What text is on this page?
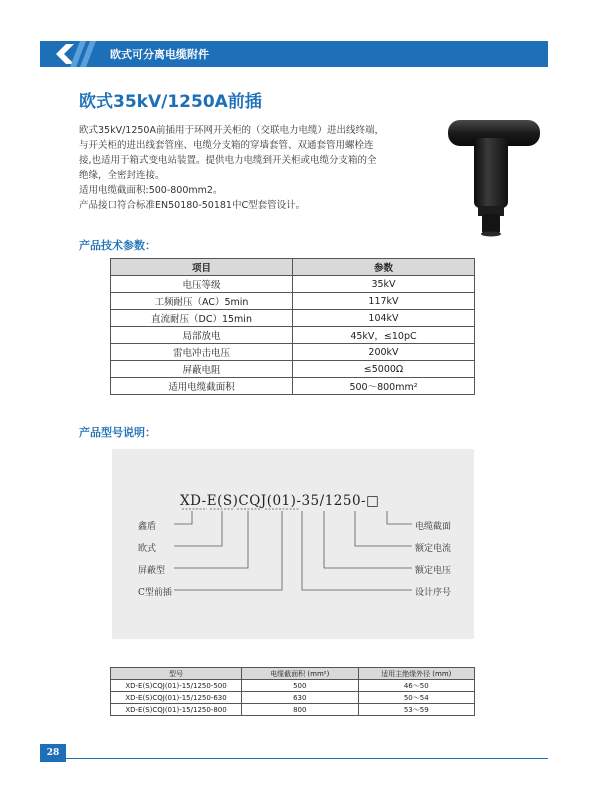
欧式可分离电缆附件
欧式35kV/1250A前插

欧式35kV/1250A前插用于环网开关柜的（交联电力电缆）进出线终端，

与开关柜的进出线套管座、电缆分支箱的穿墙套管、双通套管用螺栓连

接,也适用于箱式变电站装置。提供电力电缆到开关柜或电缆分支箱的全

绝缘，全密封连接。

适用电缆截面积:500-800mm2。

产品接口符合标准EN50180-50181中C型套管设计。

产品技术参数：
项目	参数
电压等级	35kV
工频耐压（AC）5min	117kV
直流耐压（DC）15min	104kV
局部放电	45kV，≤10pC
雷电冲击电压	200kV
屏蔽电阻	≤5000Ω
适用电缆截面积	500～800mm²
产品型号说明：
XD-E(S)CQJ(01)-35/1250-□
鑫盾
欧式
屏蔽型
C型前插
电缆截面
额定电流
额定电压
设计序号
型号	电缆截面积 (mm²)	适用主绝缘外径 (mm)
XD-E(S)CQJ(01)-15/1250-500	500	46～50
XD-E(S)CQJ(01)-15/1250-630	630	50～54
XD-E(S)CQJ(01)-15/1250-800	800	53～59
28
